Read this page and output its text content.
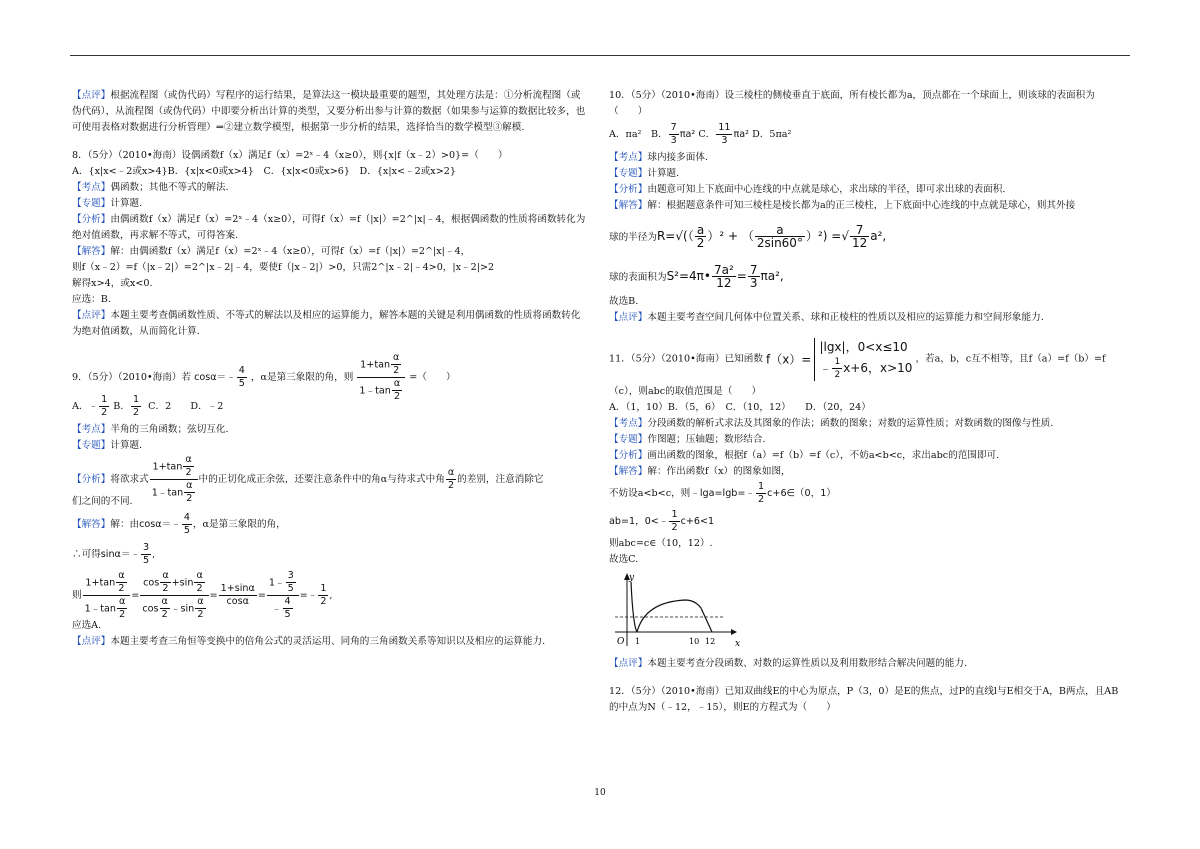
【点评】根据流程图（或伪代码）写程序的运行结果，是算法这一模块最重要的题型，其处理方法是：①分析流程图（或伪代码），从流程图（或伪代码）中即要分析出计算的类型，又要分析出参与计算的数据（如果参与运算的数据比较多，也可使用表格对数据进行分析管理）⇒②建立数学模型，根据第一步分析的结果，选择恰当的数学模型③解模.
8．（5分）（2010•海南）设偶函数f（x）满足f（x）=2ˣ﹣4（x≥0），则{x|f（x﹣2）>0}=（　　）
A．{x|x<﹣2或x>4}B．{x|x<0或x>4}　C．{x|x<0或x>6}　D．{x|x<﹣2或x>2}
【考点】偶函数；其他不等式的解法.
【专题】计算题.
【分析】由偶函数f（x）满足f（x）=2ˣ﹣4（x≥0），可得f（x）=f（|x|）=2^|x|﹣4，根据偶函数的性质将函数转化为绝对值函数，再求解不等式，可得答案.
【解答】解：由偶函数f（x）满足f（x）=2ˣ﹣4（x≥0），可得f（x）=f（|x|）=2^|x|﹣4，
则f（x﹣2）=f（|x﹣2|）=2^|x﹣2|﹣4，要使f（|x﹣2|）>0，只需2^|x﹣2|﹣4>0，|x﹣2|>2
解得x>4，或x<0.
应选：B.
【点评】本题主要考查偶函数性质、不等式的解法以及相应的运算能力，解答本题的关键是利用偶函数的性质将函数转化为绝对值函数，从而简化计算.
9．（5分）（2010•海南）若 cosα＝﹣ $\frac{4}{5}$ ，α是第三象限的角，则 $\frac{1+\tan \frac{\alpha}{2}}{1﹣\tan \frac{\alpha}{2}}$ =（　　）
A．﹣ $\frac{1}{2}$ B． $\frac{1}{2}$ C．2　　D．﹣2
【考点】半角的三角函数；弦切互化.
【专题】计算题.
【分析】将欲求式 $\frac{1+\tan \frac{\alpha}{2}}{1﹣\tan \frac{\alpha}{2}}$ 中的正切化成正余弦，还要注意条件中的角α与待求式中角 $\frac{\alpha}{2}$ 的差别，注意消除它
们之间的不同.
【解答】解：由cosα＝﹣ $\frac{4}{5}$ ，α是第三象限的角，
∴可得sinα＝﹣ $\frac{3}{5}$ ,
则 $\frac{1+\tan \frac{\alpha}{2}}{1﹣\tan \frac{\alpha}{2}} = \frac{\cos \frac{\alpha}{2} +\sin \frac{\alpha}{2}}{\cos \frac{\alpha}{2} ﹣\sin \frac{\alpha}{2}} = \frac{1+\sin\alpha}{\cos\alpha} = \frac{1﹣ \frac{3}{5}}{﹣ \frac{4}{5}}$ =﹣ $\frac{1}{2}$ ,
应选A.
【点评】本题主要考查三角恒等变换中的倍角公式的灵活运用、同角的三角函数关系等知识以及相应的运算能力.
10．（5分）（2010•海南）设三棱柱的侧棱垂直于底面，所有棱长都为a，顶点都在一个球面上，则该球的表面积为（　　）
A．πa²　B． $\frac{7}{3} \pi a^2$ C． $\frac{11}{3} \pi a^2$ D．5πa²
【考点】球内接多面体.
【专题】计算题.
【分析】由题意可知上下底面中心连线的中点就是球心，求出球的半径，即可求出球的表面积.
【解答】解：根据题意条件可知三棱柱是棱长都为a的正三棱柱，上下底面中心连线的中点就是球心，则其外接
球的半径为$R=√(( \frac{a}{2} )^2$ + （ $\frac{a}{2\sin 60^\circ} )^2$) =√ $\frac{7}{12} a^2$,
球的表面积为S²=4π• $\frac{\text{7a²}}{12} = \frac{7}{3} \pi a^2$,
故选B.
【点评】本题主要考查空间几何体中位置关系、球和正棱柱的性质以及相应的运算能力和空间形象能力.
11．（5分）（2010•海南）已知函数 f（x）=
|lgx|，0<x≤10
﹣ $\frac{1}{2} x+6$，x>10
，若a，b，c互不相等，且f（a）=f（b）=f
（c），则abc的取值范围是（　　）
A．（1，10）B．（5，6）　C．（10，12）　　D．（20，24）
【考点】分段函数的解析式求法及其图象的作法；函数的图象；对数的运算性质；对数函数的图像与性质.
【专题】作图题；压轴题；数形结合.
【分析】画出函数的图象，根据f（a）=f（b）=f（c），不妨a<b<c，求出abc的范围即可.
【解答】解：作出函数f（x）的图象如图，
不妨设a<b<c，则﹣lga=lgb=﹣ $\frac{1}{2}$ c+6∈（0，1）
ab=1，0<﹣ $\frac{1}{2} c+6<1$
则abc=c∈（10，12）.
故选C.
y
x
O 1	10 12
【点评】本题主要考查分段函数、对数的运算性质以及利用数形结合解决问题的能力.
12．（5分）（2010•海南）已知双曲线E的中心为原点，P（3，0）是E的焦点，过P的直线l与E相交于A，B两点，且AB的中点为N（﹣12，﹣15），则E的方程式为（　　）
10
